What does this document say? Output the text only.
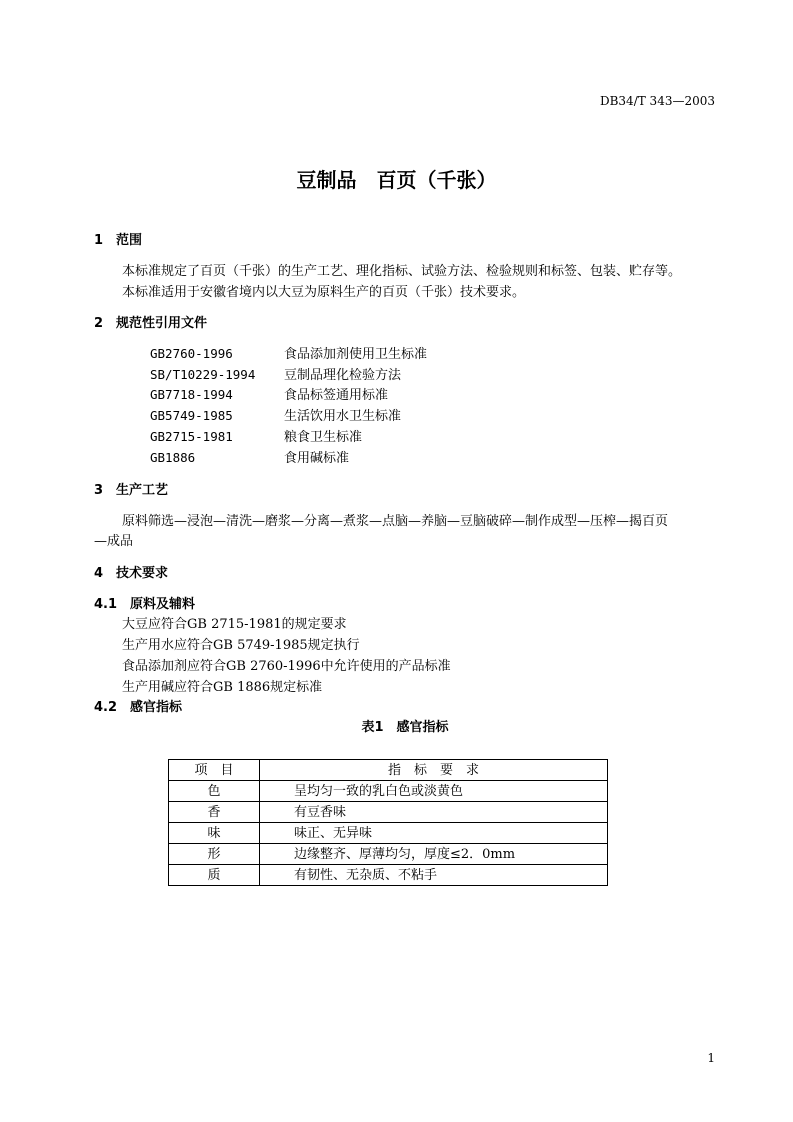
DB34/T 343—2003
豆制品　百页（千张）
1　范围
本标准规定了百页（千张）的生产工艺、理化指标、试验方法、检验规则和标签、包装、贮存等。
本标准适用于安徽省境内以大豆为原料生产的百页（千张）技术要求。
2　规范性引用文件
GB2760-1996	食品添加剂使用卫生标准
SB/T10229-1994 豆制品理化检验方法
GB7718-1994	食品标签通用标准
GB5749-1985	生活饮用水卫生标准
GB2715-1981	粮食卫生标准
GB1886	食用碱标准
3　生产工艺
原料筛选—浸泡—清洗—磨浆—分离—煮浆—点脑—养脑—豆脑破碎—制作成型—压榨—揭百页
—成品
4　技术要求
4.1　原料及辅料
大豆应符合GB 2715-1981的规定要求
生产用水应符合GB 5749-1985规定执行
食品添加剂应符合GB 2760-1996中允许使用的产品标准
生产用碱应符合GB 1886规定标准
4.2　感官指标
表1　感官指标
项　目	指　标　要　求
色	呈均匀一致的乳白色或淡黄色
香	有豆香味
味	味正、无异味
形	边缘整齐、厚薄均匀，厚度≤2．0mm
质	有韧性、无杂质、不粘手
1
